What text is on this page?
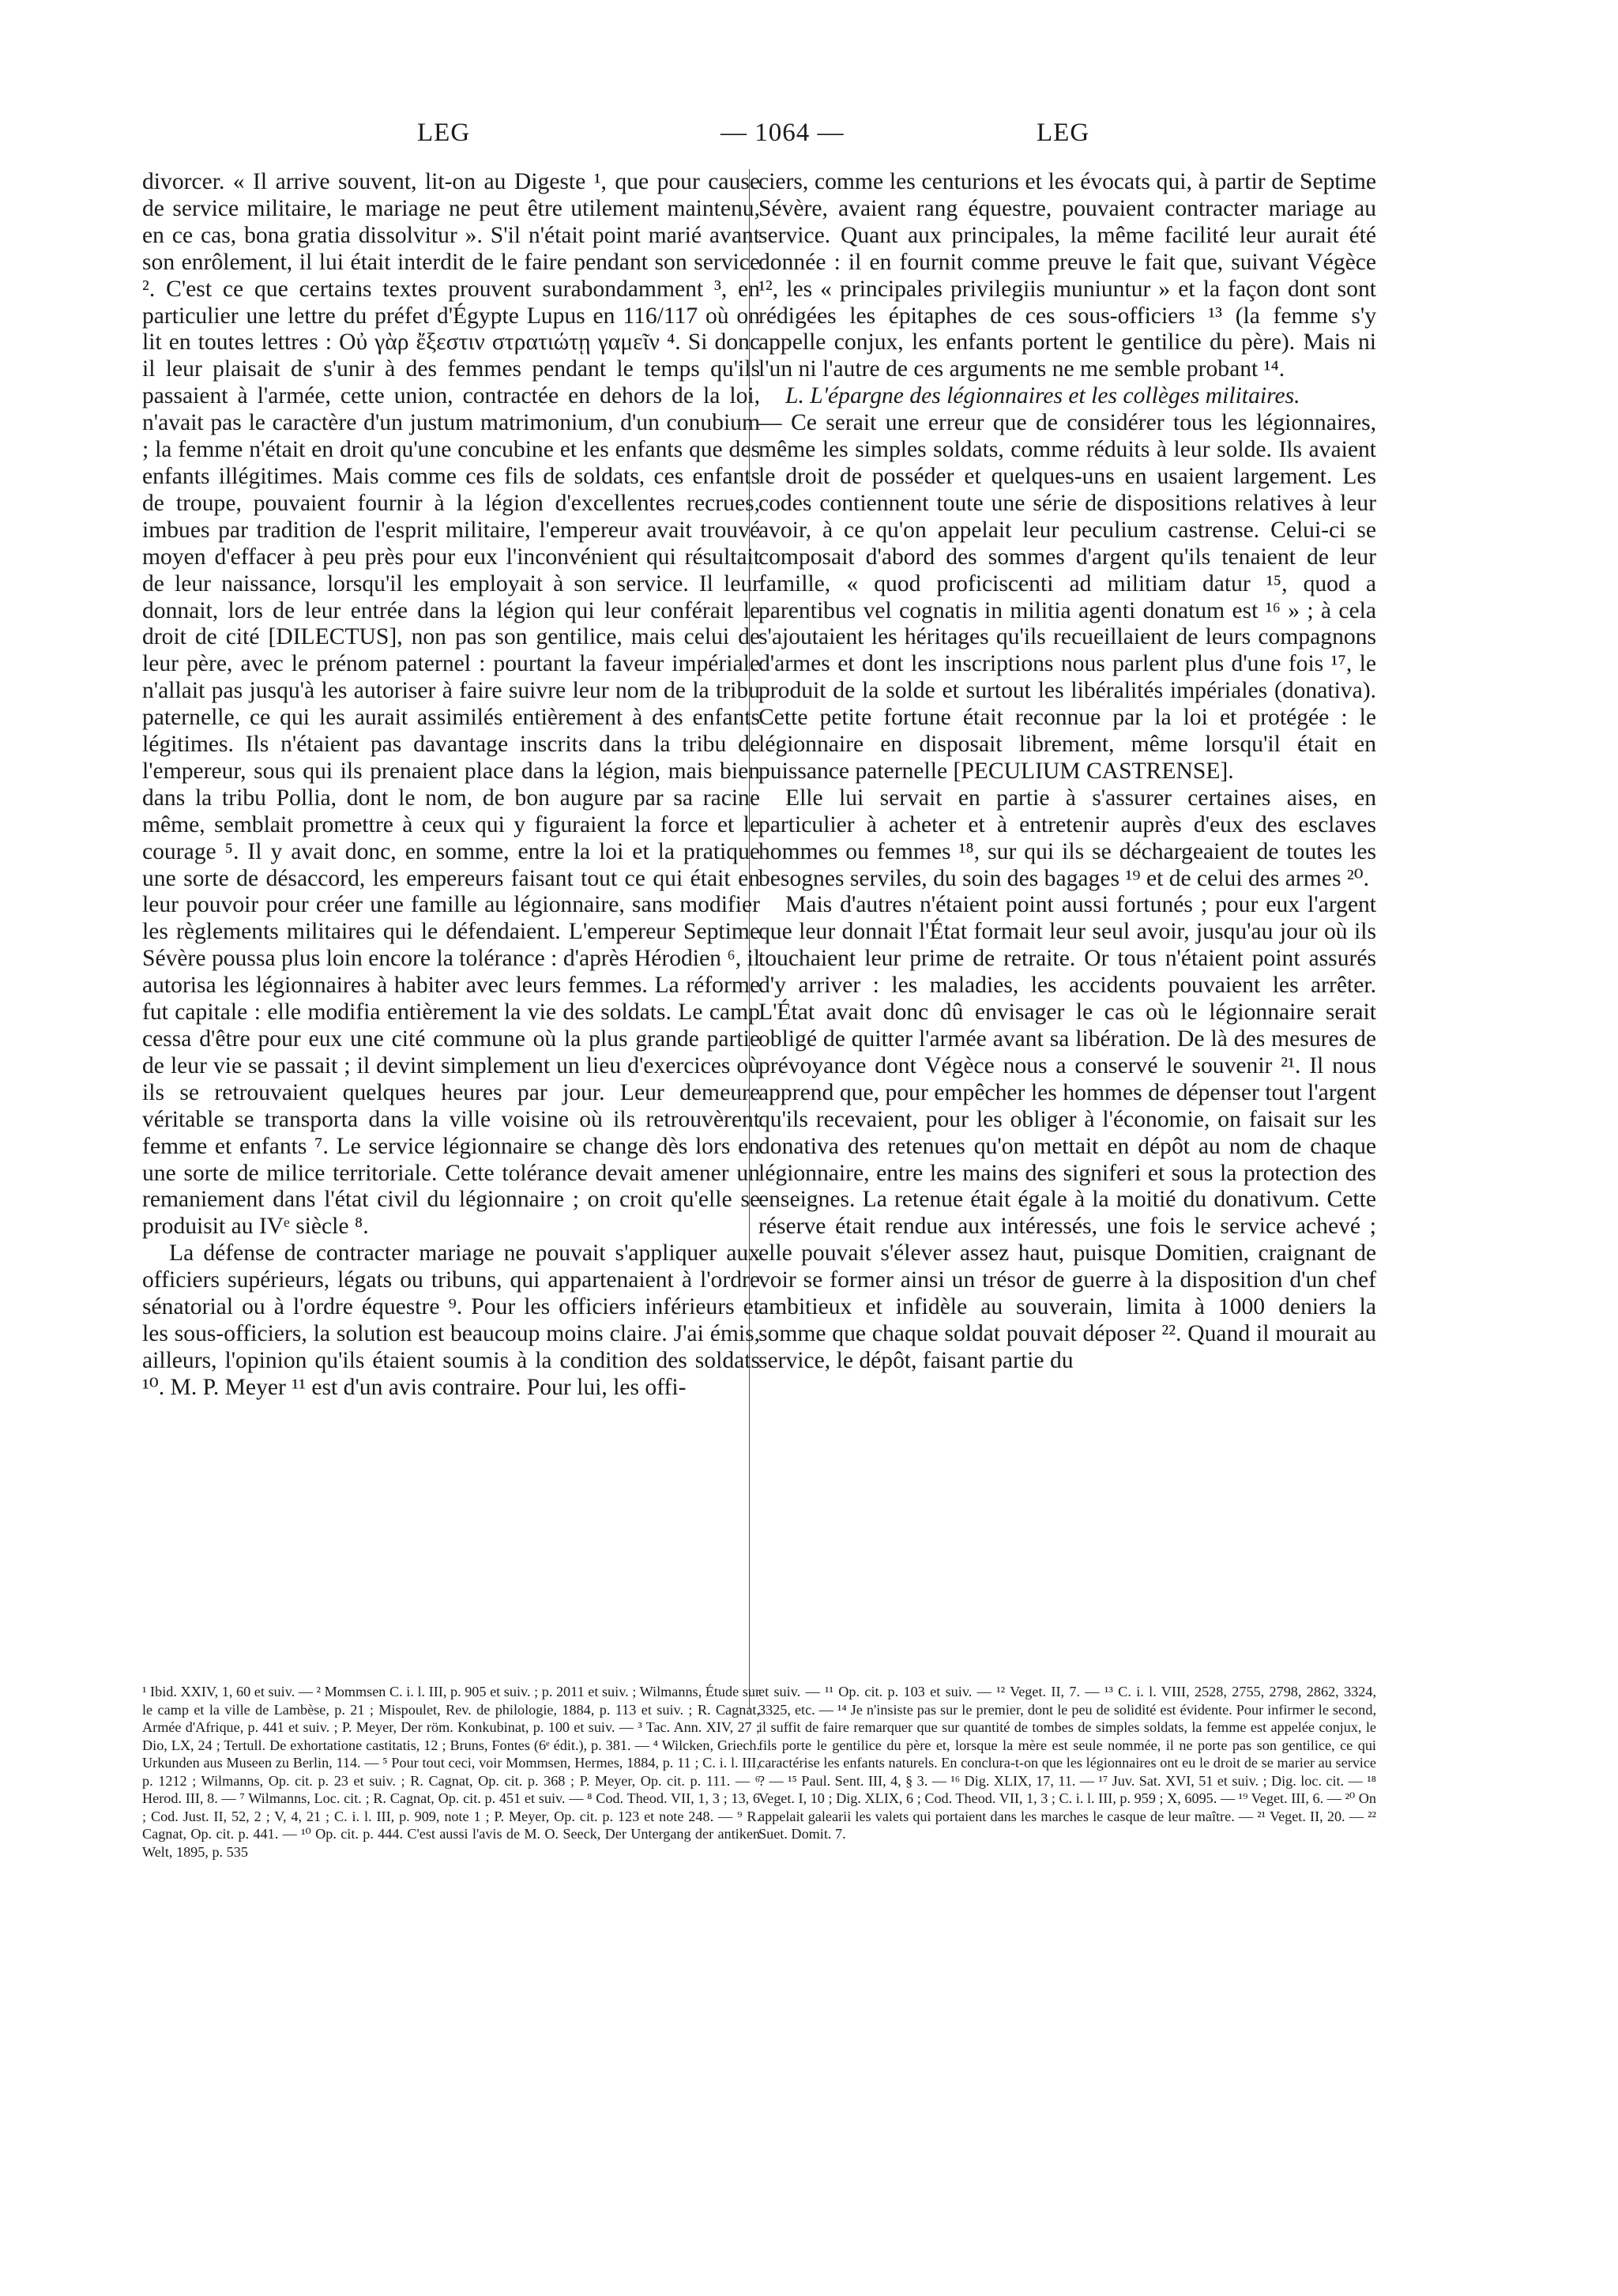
LEG	— 1064 —	LEG

divorcer. « Il arrive souvent, lit-on au Digeste ¹, que pour cause de service militaire, le mariage ne peut être utilement maintenu, en ce cas, bona gratia dissolvitur ». S'il n'était point marié avant son enrôlement, il lui était interdit de le faire pendant son service ². C'est ce que certains textes prouvent surabondamment ³, en particulier une lettre du préfet d'Égypte Lupus en 116/117 où on lit en toutes lettres : Οὐ γὰρ ἔξεστιν στρατιώτῃ γαμεῖν ⁴. Si donc il leur plaisait de s'unir à des femmes pendant le temps qu'ils passaient à l'armée, cette union, contractée en dehors de la loi, n'avait pas le caractère d'un justum matrimonium, d'un conubium ; la femme n'était en droit qu'une concubine et les enfants que des enfants illégitimes. Mais comme ces fils de soldats, ces enfants de troupe, pouvaient fournir à la légion d'excellentes recrues, imbues par tradition de l'esprit militaire, l'empereur avait trouvé moyen d'effacer à peu près pour eux l'inconvénient qui résultait de leur naissance, lorsqu'il les employait à son service. Il leur donnait, lors de leur entrée dans la légion qui leur conférait le droit de cité [DILECTUS], non pas son gentilice, mais celui de leur père, avec le prénom paternel : pourtant la faveur impériale n'allait pas jusqu'à les autoriser à faire suivre leur nom de la tribu paternelle, ce qui les aurait assimilés entièrement à des enfants légitimes. Ils n'étaient pas davantage inscrits dans la tribu de l'empereur, sous qui ils prenaient place dans la légion, mais bien dans la tribu Pollia, dont le nom, de bon augure par sa racine même, semblait promettre à ceux qui y figuraient la force et le courage ⁵. Il y avait donc, en somme, entre la loi et la pratique une sorte de désaccord, les empereurs faisant tout ce qui était en leur pouvoir pour créer une famille au légionnaire, sans modifier les règlements militaires qui le défendaient. L'empereur Septime Sévère poussa plus loin encore la tolérance : d'après Hérodien ⁶, il autorisa les légionnaires à habiter avec leurs femmes. La réforme fut capitale : elle modifia entièrement la vie des soldats. Le camp cessa d'être pour eux une cité commune où la plus grande partie de leur vie se passait ; il devint simplement un lieu d'exercices où ils se retrouvaient quelques heures par jour. Leur demeure véritable se transporta dans la ville voisine où ils retrouvèrent femme et enfants ⁷. Le service légionnaire se change dès lors en une sorte de milice territoriale. Cette tolérance devait amener un remaniement dans l'état civil du légionnaire ; on croit qu'elle se produisit au IVᵉ siècle ⁸.

La défense de contracter mariage ne pouvait s'appliquer aux officiers supérieurs, légats ou tribuns, qui appartenaient à l'ordre sénatorial ou à l'ordre équestre ⁹. Pour les officiers inférieurs et les sous-officiers, la solution est beaucoup moins claire. J'ai émis, ailleurs, l'opinion qu'ils étaient soumis à la condition des soldats ¹⁰. M. P. Meyer ¹¹ est d'un avis contraire. Pour lui, les offi-

ciers, comme les centurions et les évocats qui, à partir de Septime Sévère, avaient rang équestre, pouvaient contracter mariage au service. Quant aux principales, la même facilité leur aurait été donnée : il en fournit comme preuve le fait que, suivant Végèce ¹², les « principales privilegiis muniuntur » et la façon dont sont rédigées les épitaphes de ces sous-officiers ¹³ (la femme s'y appelle conjux, les enfants portent le gentilice du père). Mais ni l'un ni l'autre de ces arguments ne me semble probant ¹⁴.

L. L'épargne des légionnaires et les collèges militaires.

— Ce serait une erreur que de considérer tous les légionnaires, même les simples soldats, comme réduits à leur solde. Ils avaient le droit de posséder et quelques-uns en usaient largement. Les codes contiennent toute une série de dispositions relatives à leur avoir, à ce qu'on appelait leur peculium castrense. Celui-ci se composait d'abord des sommes d'argent qu'ils tenaient de leur famille, « quod proficiscenti ad militiam datur ¹⁵, quod a parentibus vel cognatis in militia agenti donatum est ¹⁶ » ; à cela s'ajoutaient les héritages qu'ils recueillaient de leurs compagnons d'armes et dont les inscriptions nous parlent plus d'une fois ¹⁷, le produit de la solde et surtout les libéralités impériales (donativa). Cette petite fortune était reconnue par la loi et protégée : le légionnaire en disposait librement, même lorsqu'il était en puissance paternelle [PECULIUM CASTRENSE].

Elle lui servait en partie à s'assurer certaines aises, en particulier à acheter et à entretenir auprès d'eux des esclaves hommes ou femmes ¹⁸, sur qui ils se déchargeaient de toutes les besognes serviles, du soin des bagages ¹⁹ et de celui des armes ²⁰.

Mais d'autres n'étaient point aussi fortunés ; pour eux l'argent que leur donnait l'État formait leur seul avoir, jusqu'au jour où ils touchaient leur prime de retraite. Or tous n'étaient point assurés d'y arriver : les maladies, les accidents pouvaient les arrêter. L'État avait donc dû envisager le cas où le légionnaire serait obligé de quitter l'armée avant sa libération. De là des mesures de prévoyance dont Végèce nous a conservé le souvenir ²¹. Il nous apprend que, pour empêcher les hommes de dépenser tout l'argent qu'ils recevaient, pour les obliger à l'économie, on faisait sur les donativa des retenues qu'on mettait en dépôt au nom de chaque légionnaire, entre les mains des signiferi et sous la protection des enseignes. La retenue était égale à la moitié du donativum. Cette réserve était rendue aux intéressés, une fois le service achevé ; elle pouvait s'élever assez haut, puisque Domitien, craignant de voir se former ainsi un trésor de guerre à la disposition d'un chef ambitieux et infidèle au souverain, limita à 1000 deniers la somme que chaque soldat pouvait déposer ²². Quand il mourait au service, le dépôt, faisant partie du

¹ Ibid. XXIV, 1, 60 et suiv. — ² Mommsen C. i. l. III, p. 905 et suiv. ; p. 2011 et suiv. ; Wilmanns, Étude sur le camp et la ville de Lambèse, p. 21 ; Mispoulet, Rev. de philologie, 1884, p. 113 et suiv. ; R. Cagnat, Armée d'Afrique, p. 441 et suiv. ; P. Meyer, Der röm. Konkubinat, p. 100 et suiv. — ³ Tac. Ann. XIV, 27 ; Dio, LX, 24 ; Tertull. De exhortatione castitatis, 12 ; Bruns, Fontes (6ᵉ édit.), p. 381. — ⁴ Wilcken, Griech. Urkunden aus Museen zu Berlin, 114. — ⁵ Pour tout ceci, voir Mommsen, Hermes, 1884, p. 11 ; C. i. l. III, p. 1212 ; Wilmanns, Op. cit. p. 23 et suiv. ; R. Cagnat, Op. cit. p. 368 ; P. Meyer, Op. cit. p. 111. — ⁶ Herod. III, 8. — ⁷ Wilmanns, Loc. cit. ; R. Cagnat, Op. cit. p. 451 et suiv. — ⁸ Cod. Theod. VII, 1, 3 ; 13, 6 ; Cod. Just. II, 52, 2 ; V, 4, 21 ; C. i. l. III, p. 909, note 1 ; P. Meyer, Op. cit. p. 123 et note 248. — ⁹ R. Cagnat, Op. cit. p. 441. — ¹⁰ Op. cit. p. 444. C'est aussi l'avis de M. O. Seeck, Der Untergang der antiken Welt, 1895, p. 535
et suiv. — ¹¹ Op. cit. p. 103 et suiv. — ¹² Veget. II, 7. — ¹³ C. i. l. VIII, 2528, 2755, 2798, 2862, 3324, 3325, etc. — ¹⁴ Je n'insiste pas sur le premier, dont le peu de solidité est évidente. Pour infirmer le second, il suffit de faire remarquer que sur quantité de tombes de simples soldats, la femme est appelée conjux, le fils porte le gentilice du père et, lorsque la mère est seule nommée, il ne porte pas son gentilice, ce qui caractérise les enfants naturels. En conclura-t-on que les légionnaires ont eu le droit de se marier au service ? — ¹⁵ Paul. Sent. III, 4, § 3. — ¹⁶ Dig. XLIX, 17, 11. — ¹⁷ Juv. Sat. XVI, 51 et suiv. ; Dig. loc. cit. — ¹⁸ Veget. I, 10 ; Dig. XLIX, 6 ; Cod. Theod. VII, 1, 3 ; C. i. l. III, p. 959 ; X, 6095. — ¹⁹ Veget. III, 6. — ²⁰ On appelait galearii les valets qui portaient dans les marches le casque de leur maître. — ²¹ Veget. II, 20. — ²² Suet. Domit. 7.
